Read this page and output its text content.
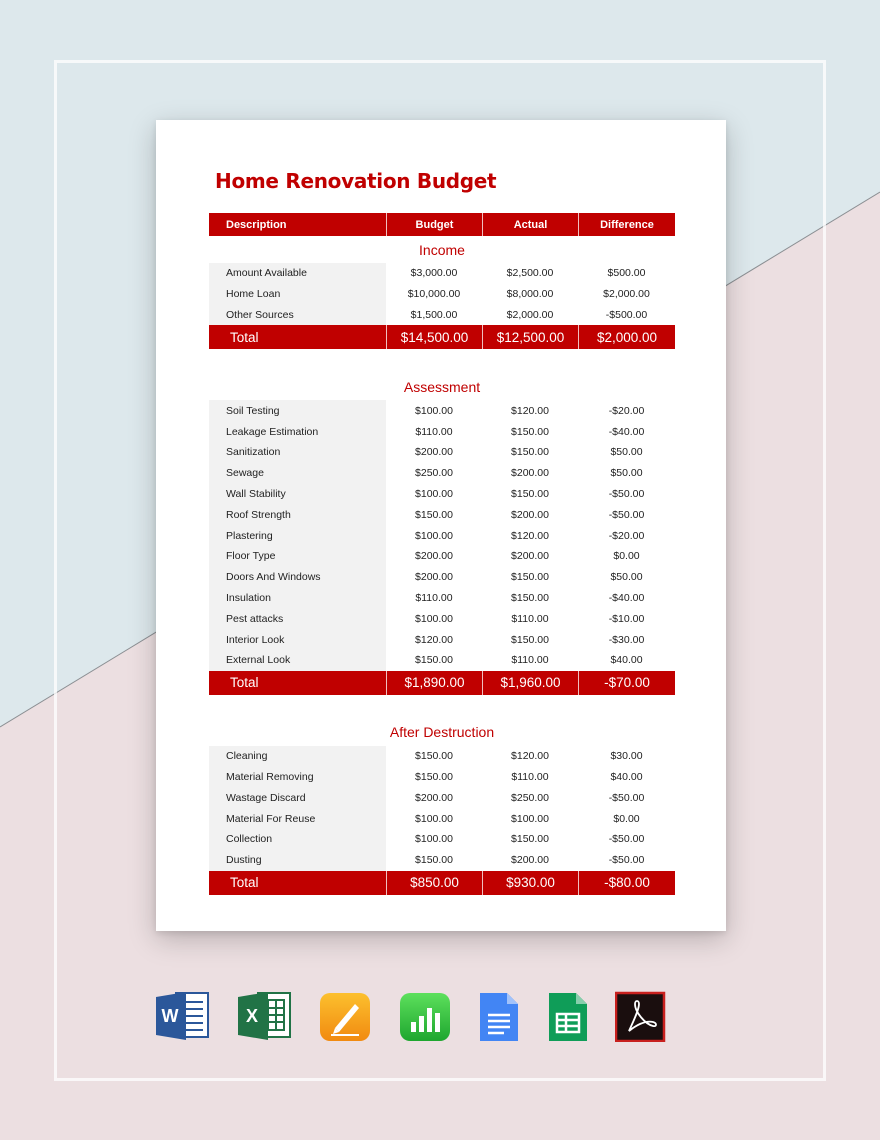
Home Renovation Budget
Description	Budget	Actual	Difference
Income
Amount Available	$3,000.00	$2,500.00	$500.00
Home Loan	$10,000.00	$8,000.00	$2,000.00
Other Sources	$1,500.00	$2,000.00	-$500.00
Total	$14,500.00	$12,500.00	$2,000.00
Assessment
Soil Testing	$100.00	$120.00	-$20.00
Leakage Estimation	$110.00	$150.00	-$40.00
Sanitization	$200.00	$150.00	$50.00
Sewage	$250.00	$200.00	$50.00
Wall Stability	$100.00	$150.00	-$50.00
Roof Strength	$150.00	$200.00	-$50.00
Plastering	$100.00	$120.00	-$20.00
Floor Type	$200.00	$200.00	$0.00
Doors And Windows	$200.00	$150.00	$50.00
Insulation	$110.00	$150.00	-$40.00
Pest attacks	$100.00	$110.00	-$10.00
Interior Look	$120.00	$150.00	-$30.00
External Look	$150.00	$110.00	$40.00
Total	$1,890.00	$1,960.00	-$70.00
After Destruction
Cleaning	$150.00	$120.00	$30.00
Material Removing	$150.00	$110.00	$40.00
Wastage Discard	$200.00	$250.00	-$50.00
Material For Reuse	$100.00	$100.00	$0.00
Collection	$100.00	$150.00	-$50.00
Dusting	$150.00	$200.00	-$50.00
Total	$850.00	$930.00	-$80.00
W	X
